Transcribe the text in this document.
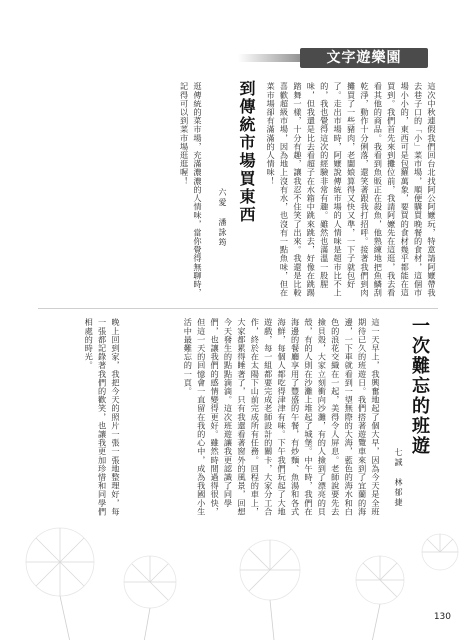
文字遊樂園
到傳統市場買東西
六愛　潘詠筠	這次中秋連假我們回台北找阿公阿嬤玩，特意請阿嬤帶我去巷子口的「小」菜市場，順便購買晚餐的食材，這個市場小小的，東西可是包羅萬象，要買的食材幾乎都能在這買到。我們首先來到攤位前，我請阿嬤先在這逛，我去看看其他的商品。我看到魚販正在殺魚，他熟練地把魚鱗刮乾淨，動作十分俐落，還笑著跟我打招呼。接著我們到肉攤買了一些豬肉，老闆娘算得又快又準，一下子就包好了。走出市場時，阿嬤說傳統市場的人情味是超市比不上的，我也覺得這次的經驗非常有趣。雖然也滿溫一股腥味，但我還是比去看超子在水箱中跳來跳去，好像在跳踢踏舞一樣，十分有趣，讓我忍不住笑了出來。我還是比較喜歡超級市場，因為地上沒有水，也沒有一點魚味，但在菜市場卻有滿滿的人情味！
逛傳統的菜市場，充滿濃濃的人情味，當你覺得無聊時，記得可以到菜市場逛逛喔！
一次難忘的班遊
七誠　林郁捷
這一天早上，我興奮地起了個大早，因為今天是全班期待已久的班遊日。我們搭著遊覽車來到了宜蘭的海邊，一下車就看到一望無際的大海，藍色的海水和白色的浪花交織在一起，美得令人屏息。老師說要先去撿貝殼，大家立刻衝向沙灘，有的人撿到了漂亮的貝殼，有的人則在沙灘上堆起了城堡。中午時，我們在海邊的餐廳享用了豐盛的午餐，有炒麵、魚湯和各式海鮮，每個人都吃得津津有味。下午我們玩起了大地遊戲，每一組都要完成老師設計的關卡，大家分工合作，終於在太陽下山前完成所有任務。回程的車上，大家都累得睡著了，只有我還看著窗外的風景，回想今天發生的點點滴滴。這次班遊讓我更認識了同學們，也讓我們的感情變得更好。雖然時間過得很快，但這一天的回憶會一直留在我的心中，成為我國小生活中最難忘的一頁。
晚上回到家，我把今天的照片一張一張地整理好，每一張都記錄著我們的歡笑，也讓我更加珍惜和同學們相處的時光。
130
